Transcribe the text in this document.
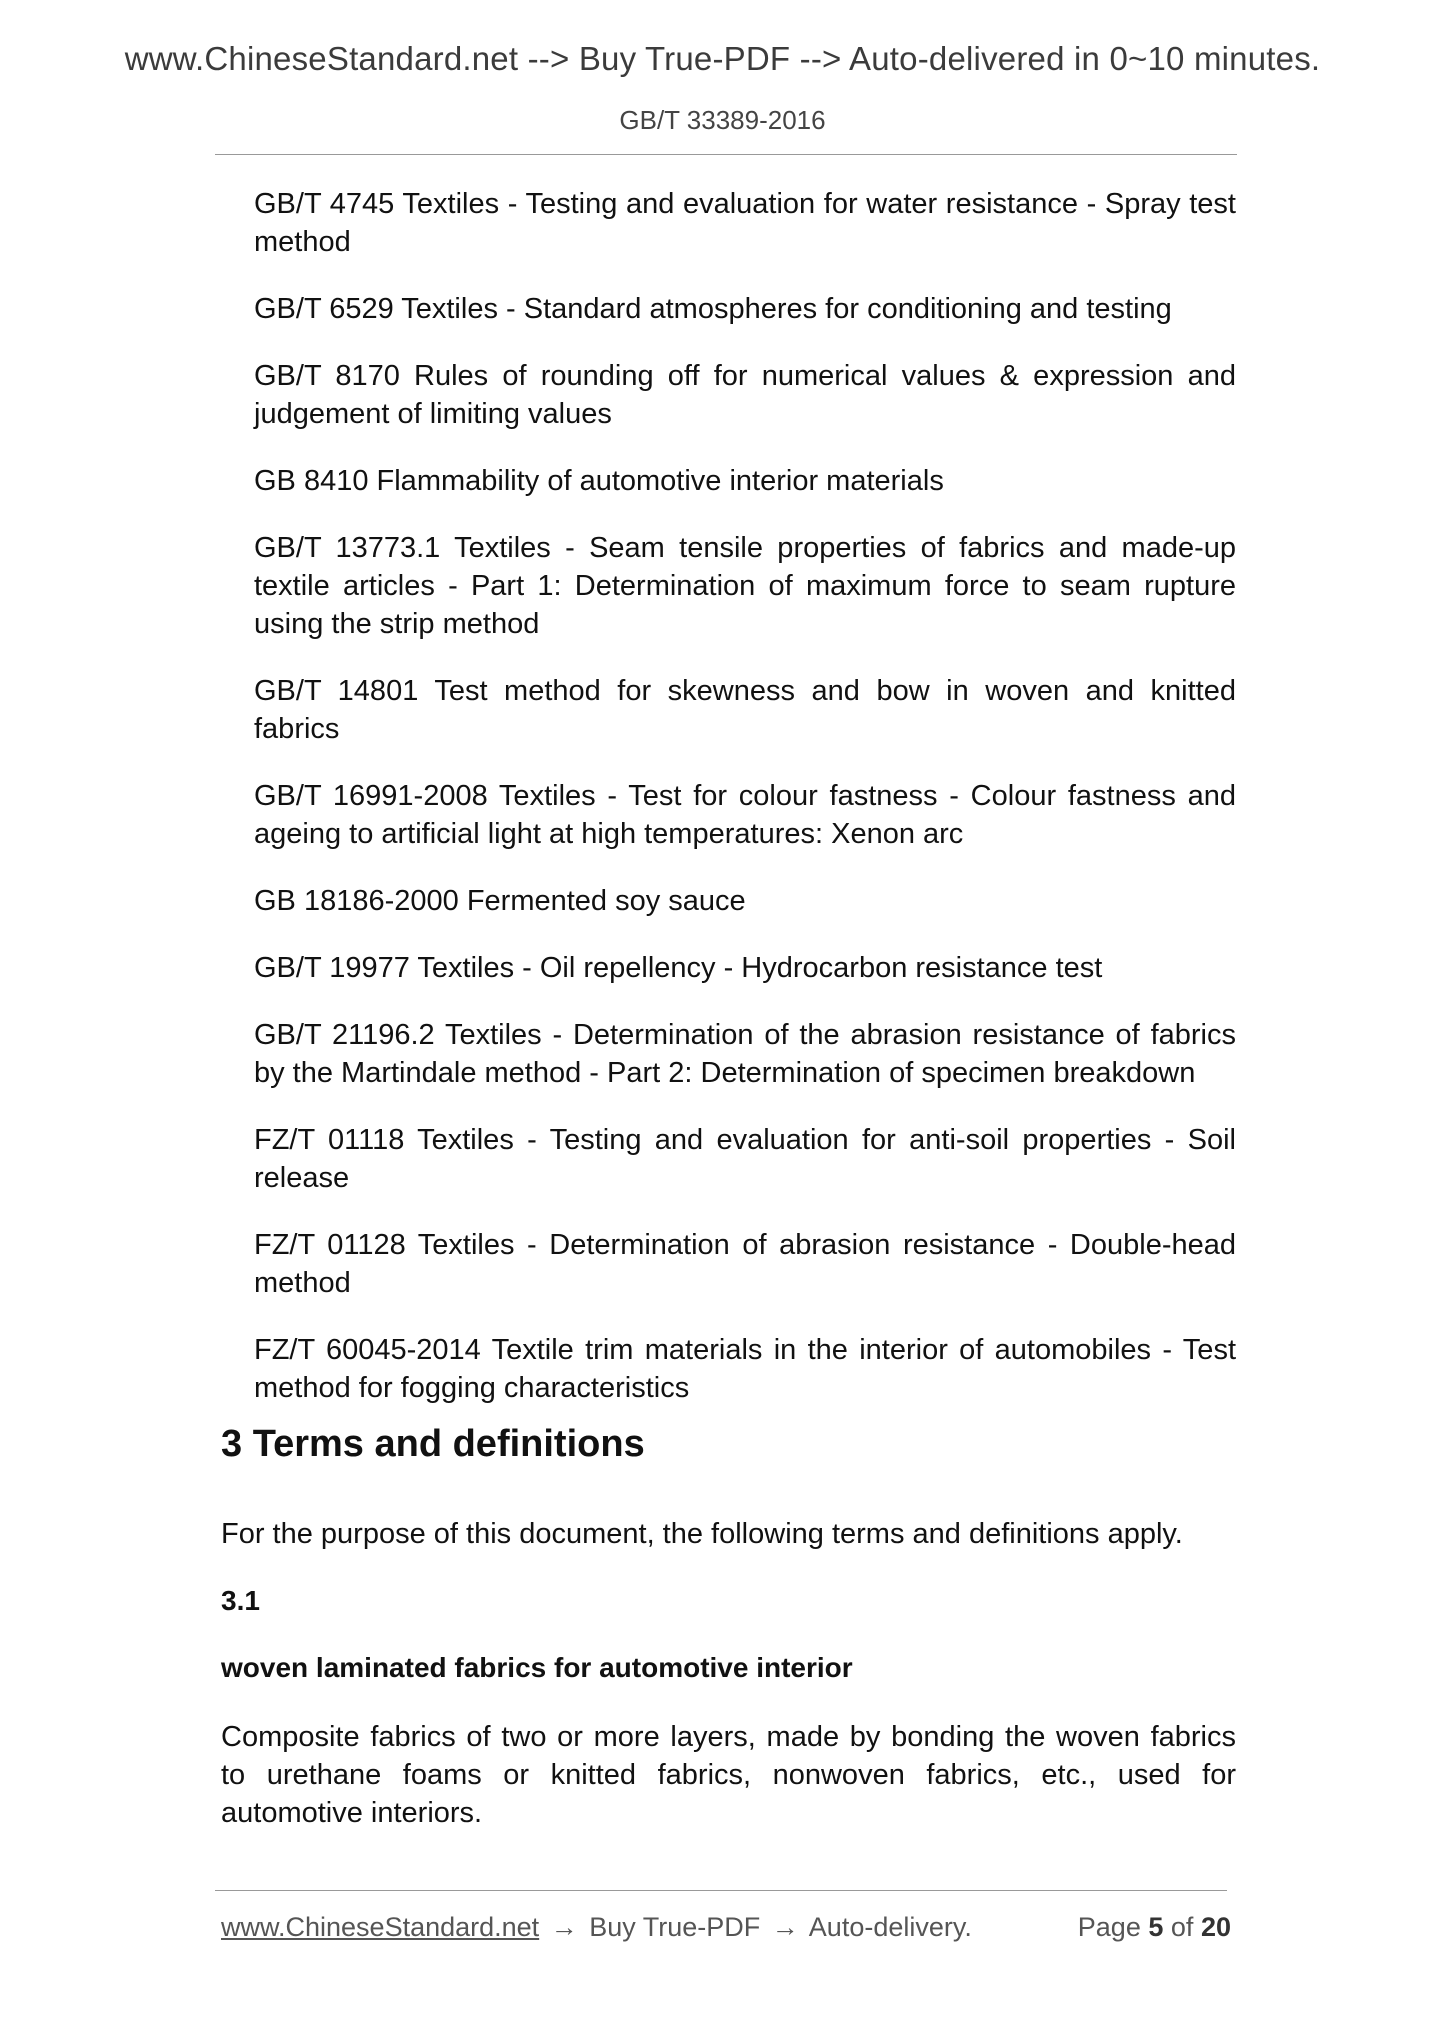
www.ChineseStandard.net --> Buy True-PDF --> Auto-delivered in 0~10 minutes.
GB/T 33389-2016

GB/T 4745 Textiles - Testing and evaluation for water resistance - Spray test method

GB/T 6529 Textiles - Standard atmospheres for conditioning and testing

GB/T 8170 Rules of rounding off for numerical values & expression and judgement of limiting values

GB 8410 Flammability of automotive interior materials

GB/T 13773.1 Textiles - Seam tensile properties of fabrics and made-up textile articles - Part 1: Determination of maximum force to seam rupture using the strip method

GB/T 14801 Test method for skewness and bow in woven and knitted fabrics

GB/T 16991-2008 Textiles - Test for colour fastness - Colour fastness and ageing to artificial light at high temperatures: Xenon arc

GB 18186-2000 Fermented soy sauce

GB/T 19977 Textiles - Oil repellency - Hydrocarbon resistance test

GB/T 21196.2 Textiles - Determination of the abrasion resistance of fabrics by the Martindale method - Part 2: Determination of specimen breakdown

FZ/T 01118 Textiles - Testing and evaluation for anti-soil properties - Soil release

FZ/T 01128 Textiles - Determination of abrasion resistance - Double-head method

FZ/T 60045-2014 Textile trim materials in the interior of automobiles - Test method for fogging characteristics

3 Terms and definitions
For the purpose of this document, the following terms and definitions apply.
3.1
woven laminated fabrics for automotive interior
Composite fabrics of two or more layers, made by bonding the woven fabrics to urethane foams or knitted fabrics, nonwoven fabrics, etc., used for automotive interiors.
www.ChineseStandard.net → Buy True-PDF → Auto-delivery.	Page 5 of 20
